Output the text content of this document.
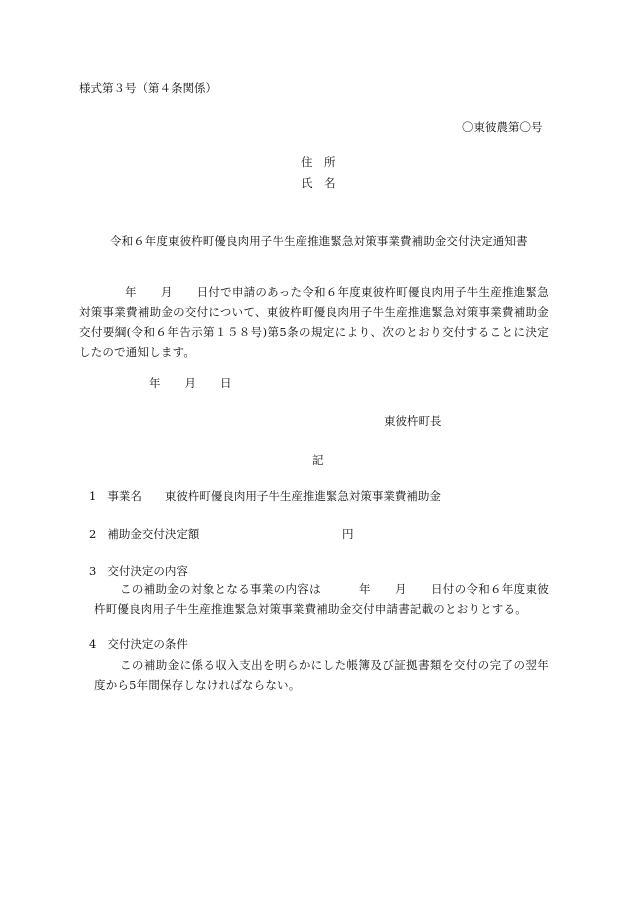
様式第３号（第４条関係）
〇東彼農第〇号
住　所
氏　名
令和６年度東彼杵町優良肉用子牛生産推進緊急対策事業費補助金交付決定通知書
年 月 日付で申請のあった令和６年度東彼杵町優良肉用子牛生産推進緊急対策事業費補助金の交付について、東彼杵町優良肉用子牛生産推進緊急対策事業費補助金交付要綱(令和６年告示第１５８号)第5条の規定により、次のとおり交付することに決定したので通知します。
年 月 日
東彼杵町長
記
1 事業名 東彼杵町優良肉用子牛生産推進緊急対策事業費補助金
2 補助金交付決定額	円
3 交付決定の内容
この補助金の対象となる事業の内容は	年 月 日付の令和６年度東彼杵町優良肉用子牛生産推進緊急対策事業費補助金交付申請書記載のとおりとする。
4 交付決定の条件
この補助金に係る収入支出を明らかにした帳簿及び証拠書類を交付の完了の翌年度から5年間保存しなければならない。
